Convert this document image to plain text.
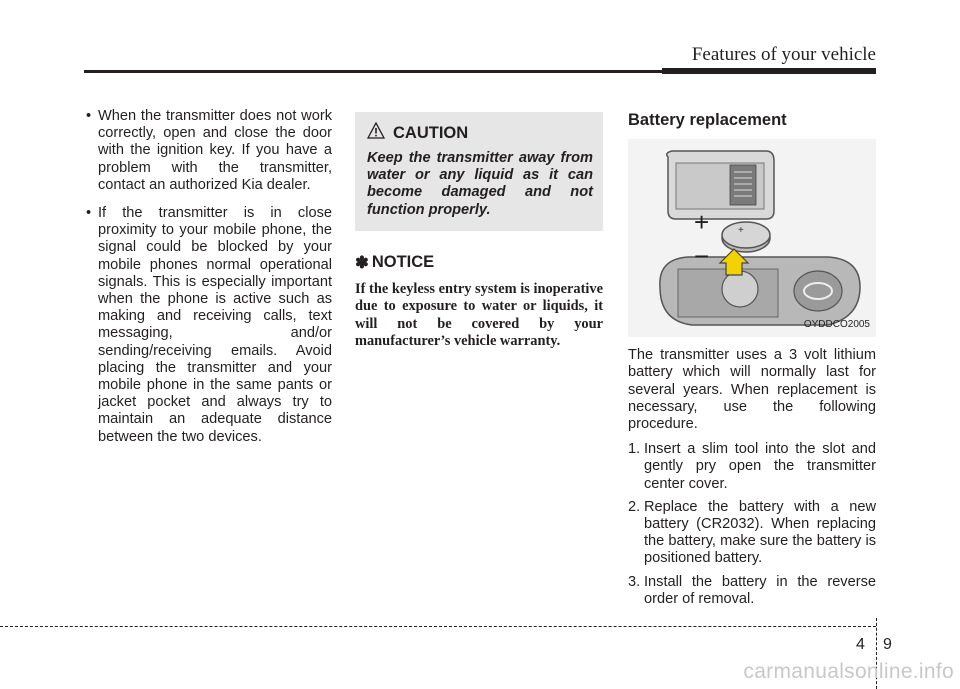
Features of your vehicle
• When the transmitter does not work correctly, open and close the door with the ignition key. If you have a problem with the transmitter, contact an authorized Kia dealer.
• If the transmitter is in close proximity to your mobile phone, the signal could be blocked by your mobile phones normal operational signals. This is especially important when the phone is active such as making and receiving calls, text messaging, and/or sending/receiving emails. Avoid placing the transmitter and your mobile phone in the same pants or jacket pocket and always try to maintain an adequate distance between the two devices.
CAUTION
Keep the transmitter away from water or any liquid as it can become damaged and not function properly.
✽ NOTICE
If the keyless entry system is inoperative due to exposure to water or liquids, it will not be covered by your manufacturer’s vehicle warranty.
Battery replacement
+
+
−
OYDDCO2005
The transmitter uses a 3 volt lithium battery which will normally last for several years. When replacement is necessary, use the following procedure.
1. Insert a slim tool into the slot and gently pry open the transmitter center cover.
2. Replace the battery with a new battery (CR2032). When replacing the battery, make sure the battery is positioned battery.
3. Install the battery in the reverse order of removal.
4 9
carmanualsonline.info
